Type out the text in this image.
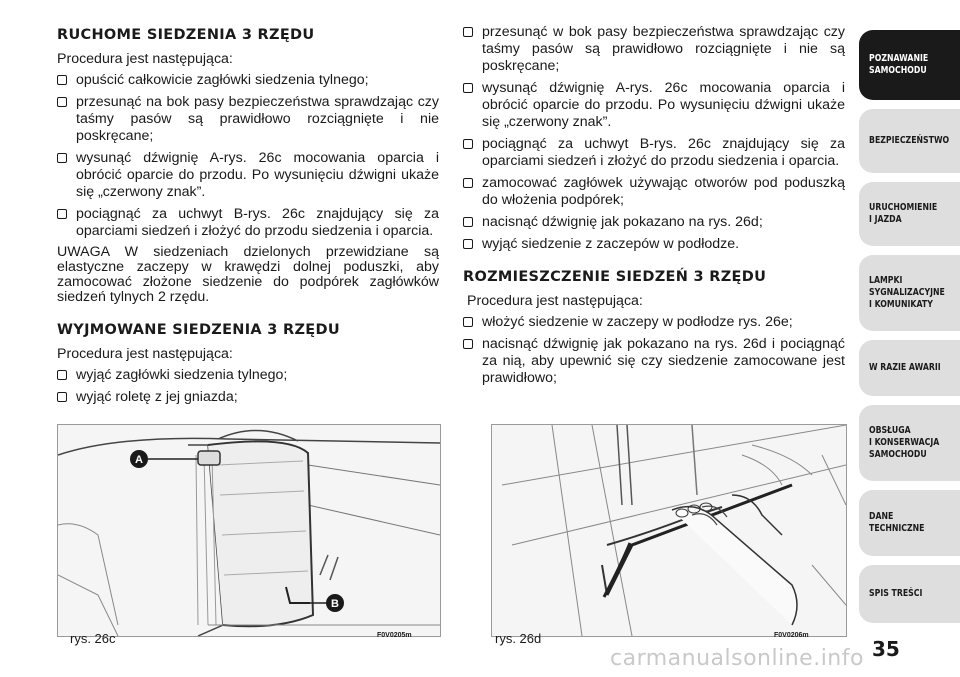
RUCHOME SIEDZENIA 3 RZĘDU

Procedura jest następująca:

opuścić całkowicie zagłówki siedzenia tylnego;
przesunąć na bok pasy bezpieczeństwa sprawdzając czy taśmy pasów są prawidłowo rozciągnięte i nie poskręcane;
wysunąć dźwignię A-rys. 26c mocowania oparcia i obrócić oparcie do przodu. Po wysunięciu dźwigni ukaże się „czerwony znak”.
pociągnąć za uchwyt B-rys. 26c znajdujący się za oparciami siedzeń i złożyć do przodu siedzenia i oparcia.

UWAGA W siedzeniach dzielonych przewidziane są elastyczne zaczepy w krawędzi dolnej poduszki, aby zamocować złożone siedzenie do podpórek zagłówków siedzeń tylnych 2 rzędu.

WYJMOWANE SIEDZENIA 3 RZĘDU

Procedura jest następująca:

wyjąć zagłówki siedzenia tylnego;
wyjąć roletę z jej gniazda;
przesunąć w bok pasy bezpieczeństwa sprawdzając czy taśmy pasów są prawidłowo rozciągnięte i nie są poskręcane;
wysunąć dźwignię A-rys. 26c mocowania oparcia i obrócić oparcie do przodu. Po wysunięciu dźwigni ukaże się „czerwony znak”.
pociągnąć za uchwyt B-rys. 26c znajdujący się za oparciami siedzeń i złożyć do przodu siedzenia i oparcia.
zamocować zagłówek używając otworów pod poduszką do włożenia podpórek;
nacisnąć dźwignię jak pokazano na rys. 26d;
wyjąć siedzenie z zaczepów w podłodze.
ROZMIESZCZENIE SIEDZEŃ 3 RZĘDU

Procedura jest następująca:

włożyć siedzenie w zaczepy w podłodze rys. 26e;
nacisnąć dźwignię jak pokazano na rys. 26d i pociągnąć za nią, aby upewnić się czy siedzenie zamocowane jest prawidłowo;
A
B
rys. 26c	F0V0205m	rys. 26d	F0V0206m
POZNAWANIE
SAMOCHODU
BEZPIECZEŃSTWO
URUCHOMIENIE
I JAZDA
LAMPKI
SYGNALIZACYJNE
I KOMUNIKATY
W RAZIE AWARII
OBSŁUGA
I KONSERWACJA
SAMOCHODU
DANE
TECHNICZNE
SPIS TREŚCI
35
carmanualsonline.info
